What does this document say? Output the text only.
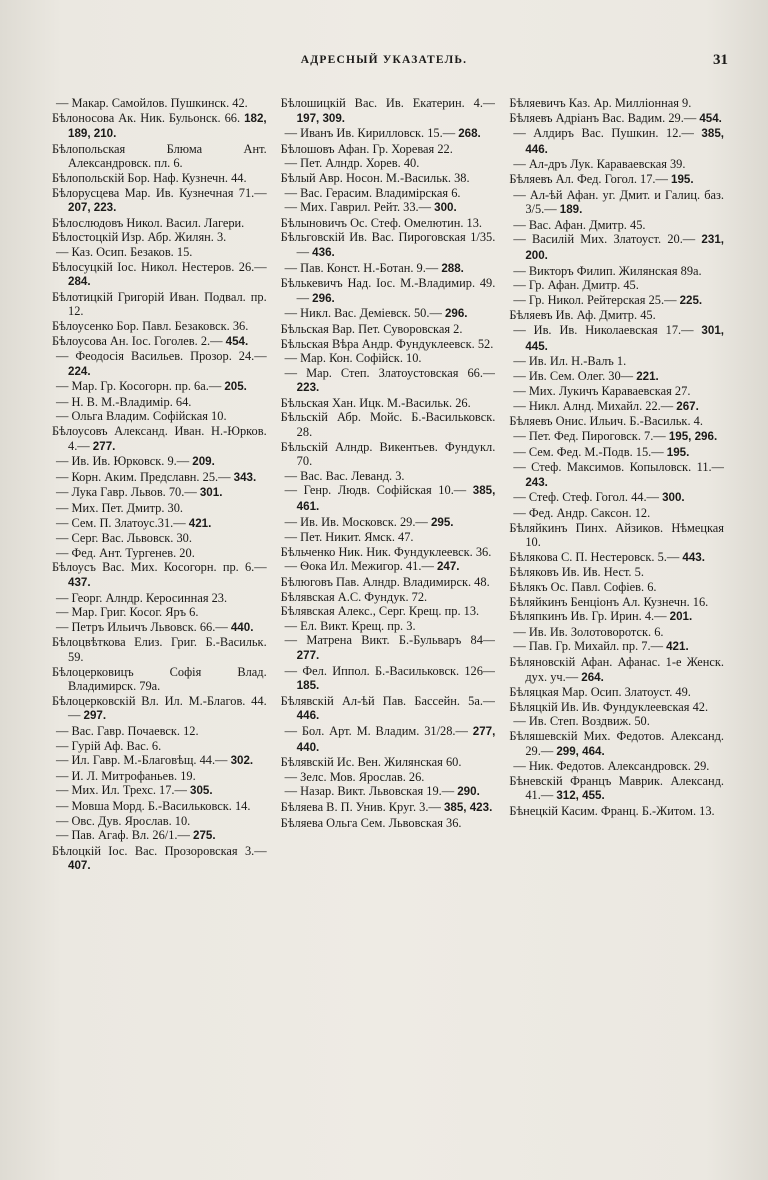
АДРЕСНЫЙ УКАЗАТЕЛЬ.	31
— Макар. Самойлов. Пушкинск. 42.
Бѣлоносова Ак. Ник. Бульонск. 66. 182, 189, 210.
Бѣлопольская Блюма Ант. Александровск. пл. 6.
Бѣлопольскій Бор. Наф. Кузнечн. 44.
Бѣлорусцева Мар. Ив. Кузнечная 71.— 207, 223.
Бѣлослюдовъ Никол. Васил. Лагери.
Бѣлостоцкій Изр. Абр. Жилян. 3.
— Каз. Осип. Безаков. 15.
Бѣлосуцкій Іос. Никол. Нестеров. 26.— 284.
Бѣлотицкій Григорій Иван. Подвал. пр. 12.
Бѣлоусенко Бор. Павл. Безаковск. 36.
Бѣлоусова Ан. Іос. Гоголев. 2.— 454.
— Феодосія Васильев. Прозор. 24.— 224.
— Мар. Гр. Косогорн. пр. 6а.— 205.
— Н. В. М.-Владимір. 64.
— Ольга Владим. Софійская 10.
Бѣлоусовъ Александ. Иван. Н.-Юрков. 4.— 277.
— Ив. Ив. Юрковск. 9.— 209.
— Корн. Аким. Предславн. 25.— 343.
— Лука Гавр. Львов. 70.— 301.
— Мих. Пет. Дмитр. 30.
— Сем. П. Златоус.31.— 421.
— Серг. Вас. Львовск. 30.
— Фед. Ант. Тургенев. 20.
Бѣлоусъ Вас. Мих. Косогорн. пр. 6.— 437.
— Георг. Алндр. Керосинная 23.
— Мар. Григ. Косог. Яръ 6.
— Петръ Ильичъ Львовск. 66.— 440.
Бѣлоцвѣткова Елиз. Григ. Б.-Васильк. 59.
Бѣлоцерковицъ Софія Влад. Владимирск. 79а.
Бѣлоцерковскій Вл. Ил. М.-Благов. 44.— 297.
— Вас. Гавр. Почаевск. 12.
— Гурій Аф. Вас. 6.
— Ил. Гавр. М.-Благовѣщ. 44.— 302.
— И. Л. Митрофаньев. 19.
— Мих. Ил. Трехс. 17.— 305.
— Мовша Морд. Б.-Васильковск. 14.
— Овс. Дув. Ярослав. 10.
— Пав. Агаф. Вл. 26/1.— 275.
Бѣлоцкій Іос. Вас. Прозоровская 3.— 407.
Бѣлошицкій Вас. Ив. Екатерин. 4.— 197, 309.
— Иванъ Ив. Кирилловск. 15.— 268.
Бѣлошовъ Афан. Гр. Хоревая 22.
— Пет. Алндр. Хорев. 40.
Бѣлый Авр. Носон. М.-Васильк. 38.
— Вас. Герасим. Владимірская 6.
— Мих. Гаврил. Рейт. 33.— 300.
Бѣлыновичъ Ос. Стеф. Омелютин. 13.
Бѣльговскій Ив. Вас. Пироговская 1/35.— 436.
— Пав. Конст. Н.-Ботан. 9.— 288.
Бѣлькевичъ Над. Іос. М.-Владимир. 49.— 296.
— Никл. Вас. Деміевск. 50.— 296.
Бѣльская Вар. Пет. Суворовская 2.
Бѣльская Вѣра Андр. Фундуклеевск. 52.
— Мар. Кон. Софійск. 10.
— Мар. Степ. Златоустовская 66.— 223.
Бѣльская Хан. Ицк. М.-Васильк. 26.
Бѣльскій Абр. Мойс. Б.-Васильковск. 28.
Бѣльскій Алндр. Викентьев. Фундукл. 70.
— Вас. Вас. Леванд. 3.
— Генр. Людв. Софійская 10.— 385, 461.
— Ив. Ив. Московск. 29.— 295.
— Пет. Никит. Ямск. 47.
Бѣльченко Ник. Ник. Фундуклеевск. 36.
— Ѳока Ил. Межигор. 41.— 247.
Бѣлюговъ Пав. Алндр. Владимирск. 48.
Бѣлявская А.С. Фундук. 72.
Бѣлявская Алекс., Серг. Крещ. пр. 13.
— Ел. Викт. Крещ. пр. 3.
— Матрена Викт. Б.-Бульваръ 84— 277.
— Фел. Иппол. Б.-Васильковск. 126— 185.
Бѣлявскій Ал-ѣй Пав. Бассейн. 5а.— 446.
— Бол. Арт. М. Владим. 31/28.— 277, 440.
Бѣлявскій Ис. Вен. Жилянская 60.
— Зелс. Мов. Ярослав. 26.
— Назар. Викт. Львовская 19.— 290.
Бѣляева В. П. Унив. Круг. 3.— 385, 423.
Бѣляева Ольга Сем. Львовская 36.
Бѣляевичъ Каз. Ар. Милліонная 9.
Бѣляевъ Адріанъ Вас. Вадим. 29.— 454.
— Алдиръ Вас. Пушкин. 12.— 385, 446.
— Ал-дръ Лук. Караваевская 39.
Бѣляевъ Ал. Фед. Гогол. 17.— 195.
— Ал-ѣй Афан. уг. Дмит. и Галиц. баз. 3/5.— 189.
— Вас. Афан. Дмитр. 45.
— Василій Мих. Златоуст. 20.— 231, 200.
— Викторъ Филип. Жилянская 89а.
— Гр. Афан. Дмитр. 45.
— Гр. Никол. Рейтерская 25.— 225.
Бѣляевъ Ив. Аф. Дмитр. 45.
— Ив. Ив. Николаевская 17.— 301, 445.
— Ив. Ил. Н.-Валъ 1.
— Ив. Сем. Олег. 30— 221.
— Мих. Лукичъ Караваевская 27.
— Никл. Алнд. Михайл. 22.— 267.
Бѣляевъ Онис. Ильич. Б.-Васильк. 4.
— Пет. Фед. Пироговск. 7.— 195, 296.
— Сем. Фед. М.-Подв. 15.— 195.
— Стеф. Максимов. Копыловск. 11.— 243.
— Стеф. Стеф. Гогол. 44.— 300.
— Фед. Андр. Саксон. 12.
Бѣляйкинъ Пинх. Айзиков. Нѣмецкая 10.
Бѣлякова С. П. Нестеровск. 5.— 443.
Бѣляковъ Ив. Ив. Нест. 5.
Бѣлякъ Ос. Павл. Софіев. 6.
Бѣляйкинъ Бенціонъ Ал. Кузнечн. 16.
Бѣляпкинъ Ив. Гр. Ирин. 4.— 201.
— Ив. Ив. Золотоворотск. 6.
— Пав. Гр. Михайл. пр. 7.— 421.
Бѣляновскій Афан. Афанас. 1-е Женск. дух. уч.— 264.
Бѣляцкая Мар. Осип. Златоуст. 49.
Бѣляцкій Ив. Ив. Фундуклеевская 42.
— Ив. Степ. Воздвиж. 50.
Бѣляшевскій Мих. Федотов. Александ. 29.— 299, 464.
— Ник. Федотов. Александровск. 29.
Бѣневскій Францъ Маврик. Александ. 41.— 312, 455.
Бѣнецкій Касим. Франц. Б.-Житом. 13.
